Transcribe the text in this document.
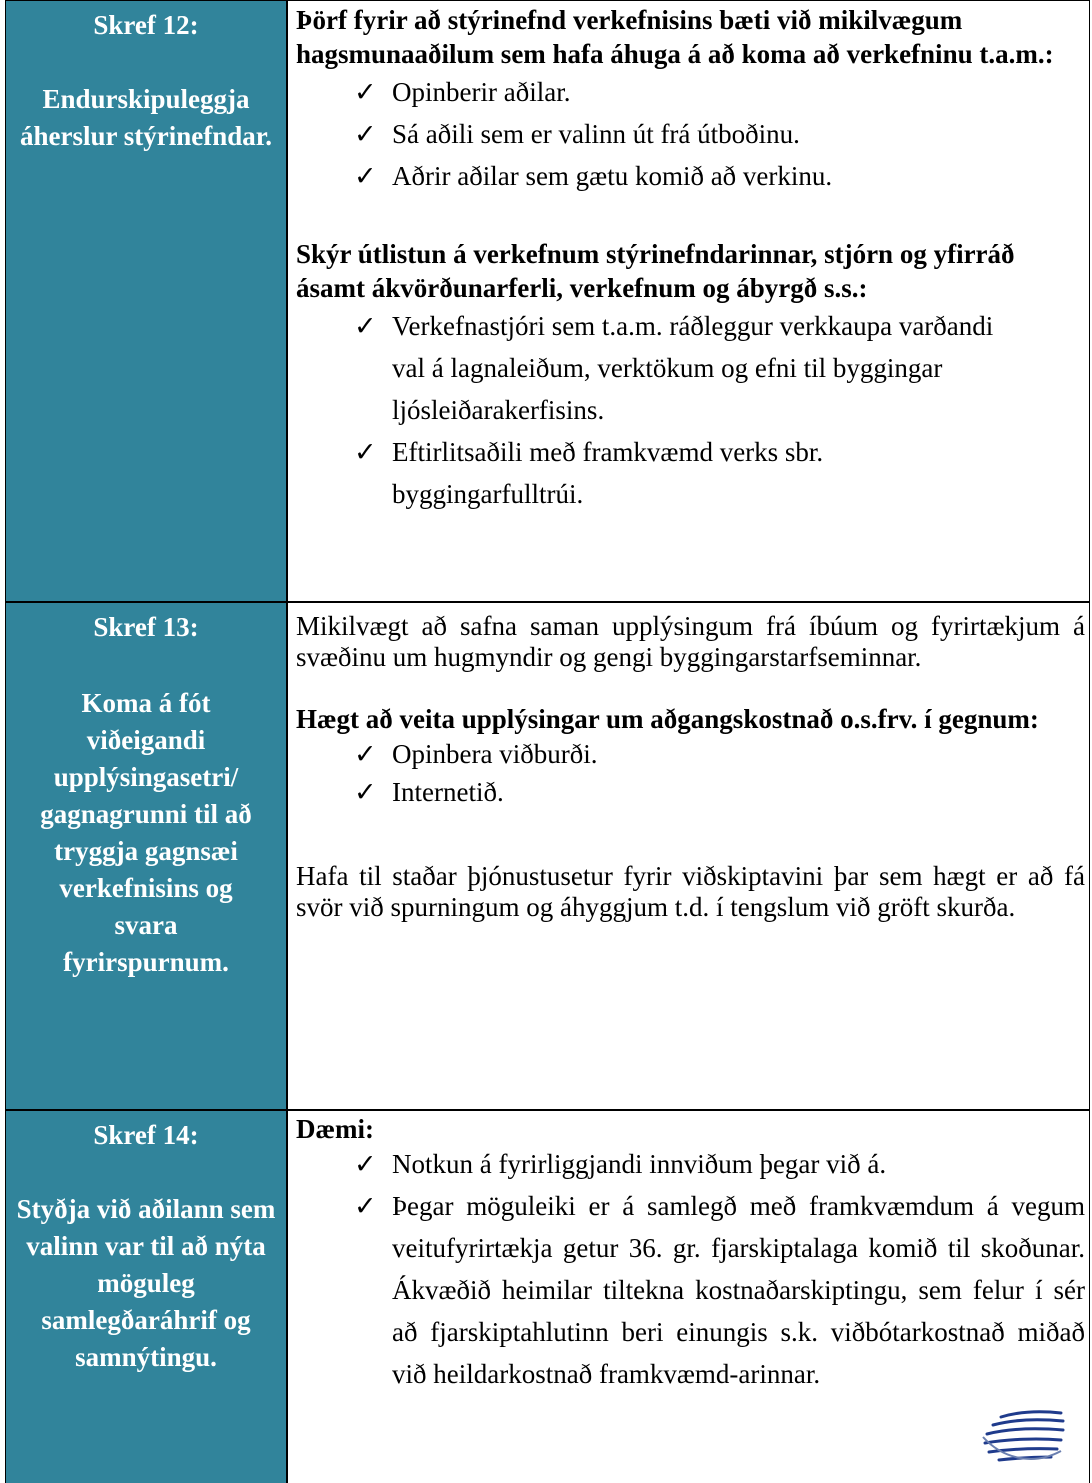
Skref 12:
Endurskipuleggja áherslur stýrinefndar.
Þörf fyrir að stýrinefnd verkefnisins bæti við mikilvægum hagsmunaaðilum sem hafa áhuga á að koma að verkefninu t.a.m.:
✓ Opinberir aðilar.
✓ Sá aðili sem er valinn út frá útboðinu.
✓ Aðrir aðilar sem gætu komið að verkinu.
Skýr útlistun á verkefnum stýrinefndarinnar, stjórn og yfirráð ásamt ákvörðunarferli, verkefnum og ábyrgð s.s.:
✓ Verkefnastjóri sem t.a.m. ráðleggur verkkaupa varðandi val á lagnaleiðum, verktökum og efni til byggingar ljósleiðarakerfisins.
✓ Eftirlitsaðili með framkvæmd verks sbr. byggingarfulltrúi.
Skref 13:
Koma á fót viðeigandi upplýsingasetri/ gagnagrunni til að tryggja gagnsæi verkefnisins og svara fyrirspurnum.
Mikilvægt að safna saman upplýsingum frá íbúum og fyrirtækjum á svæðinu um hugmyndir og gengi byggingarstarfseminnar.
Hægt að veita upplýsingar um aðgangskostnað o.s.frv. í gegnum:
✓ Opinbera viðburði.
✓ Internetið.
Hafa til staðar þjónustusetur fyrir viðskiptavini þar sem hægt er að fá svör við spurningum og áhyggjum t.d. í tengslum við gröft skurða.
Skref 14:
Styðja við aðilann sem valinn var til að nýta möguleg samlegðaráhrif og samnýtingu.
Dæmi:
✓ Notkun á fyrirliggjandi innviðum þegar við á.
✓ Þegar möguleiki er á samlegð með framkvæmdum á vegum veitufyrirtækja getur 36. gr. fjarskiptalaga komið til skoðunar. Ákvæðið heimilar tiltekna kostnaðarskiptingu, sem felur í sér að fjarskiptahlutinn beri einungis s.k. viðbótarkostnað miðað við heildarkostnað framkvæmd-arinnar.
